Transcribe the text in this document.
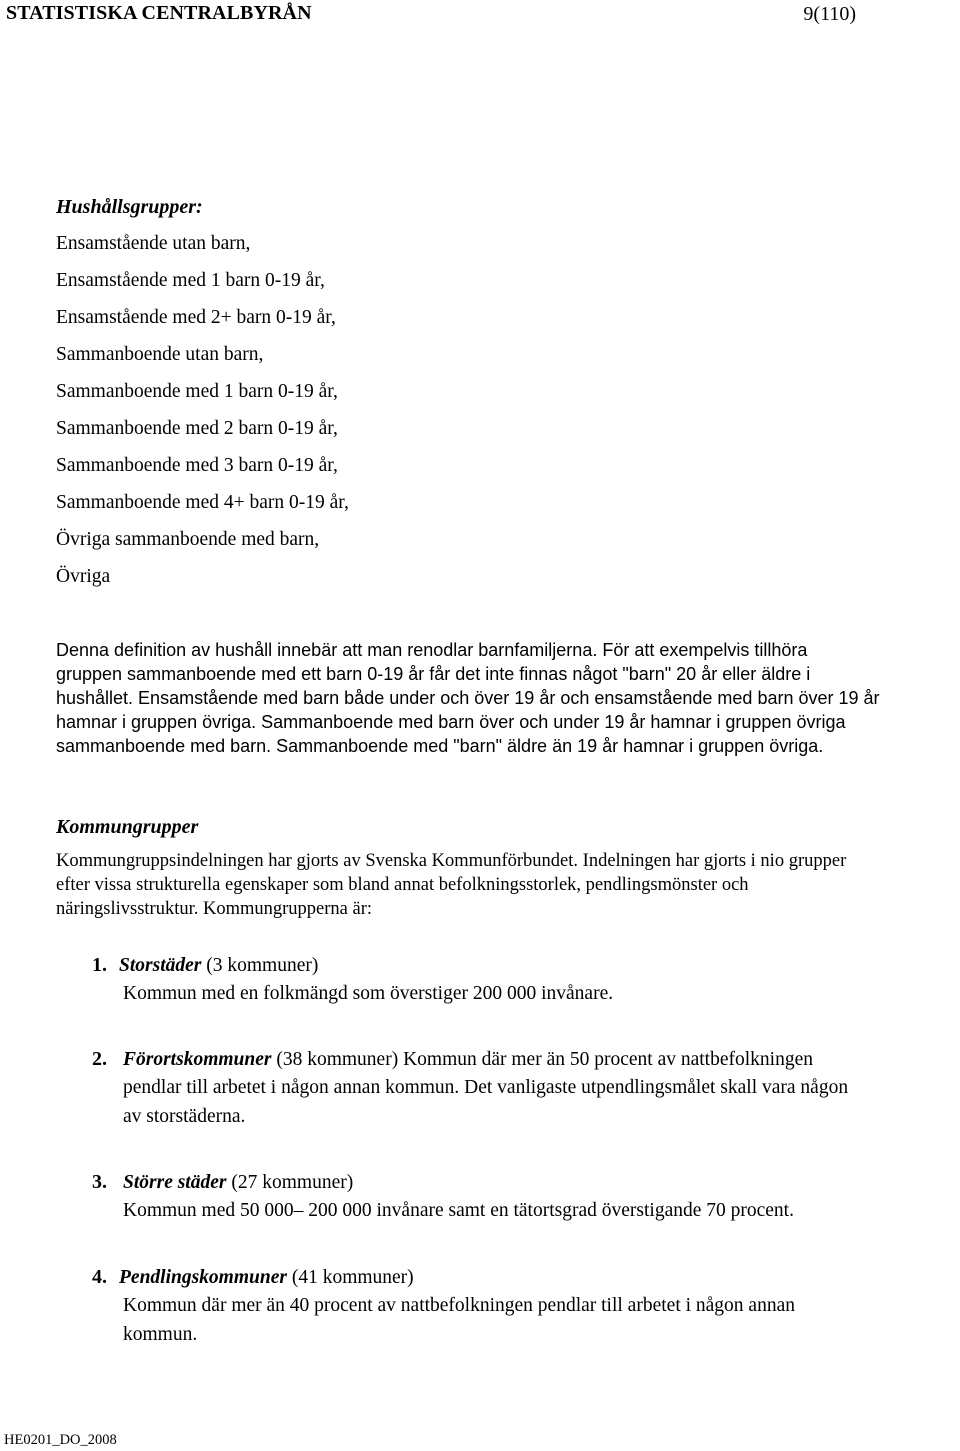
STATISTISKA CENTRALBYRÅN	9(110)
Hushållsgrupper:
Ensamstående utan barn,
Ensamstående med 1 barn 0-19 år,
Ensamstående med 2+ barn 0-19 år,
Sammanboende utan barn,
Sammanboende med 1 barn 0-19 år,
Sammanboende med 2 barn 0-19 år,
Sammanboende med 3 barn 0-19 år,
Sammanboende med 4+ barn 0-19 år,
Övriga sammanboende med barn,
Övriga
Denna definition av hushåll innebär att man renodlar barnfamiljerna. För att exempelvis tillhöra
gruppen sammanboende med ett barn 0-19 år får det inte finnas något "barn" 20 år eller äldre i
hushållet. Ensamstående med barn både under och över 19 år och ensamstående med barn över 19 år
hamnar i gruppen övriga. Sammanboende med barn över och under 19 år hamnar i gruppen övriga
sammanboende med barn. Sammanboende med "barn" äldre än 19 år hamnar i gruppen övriga.
Kommungrupper
Kommungruppsindelningen har gjorts av Svenska Kommunförbundet. Indelningen har gjorts i nio grupper
efter vissa strukturella egenskaper som bland annat befolkningsstorlek, pendlingsmönster och
näringslivsstruktur. Kommungrupperna är:
1. Storstäder (3 kommuner)
Kommun med en folkmängd som överstiger 200 000 invånare.
2. Förortskommuner (38 kommuner) Kommun där mer än 50 procent av nattbefolkningen
pendlar till arbetet i någon annan kommun. Det vanligaste utpendlingsmålet skall vara någon
av storstäderna.
3. Större städer (27 kommuner)
Kommun med 50 000– 200 000 invånare samt en tätortsgrad överstigande 70 procent.
4. Pendlingskommuner (41 kommuner)
Kommun där mer än 40 procent av nattbefolkningen pendlar till arbetet i någon annan
kommun.
HE0201_DO_2008
